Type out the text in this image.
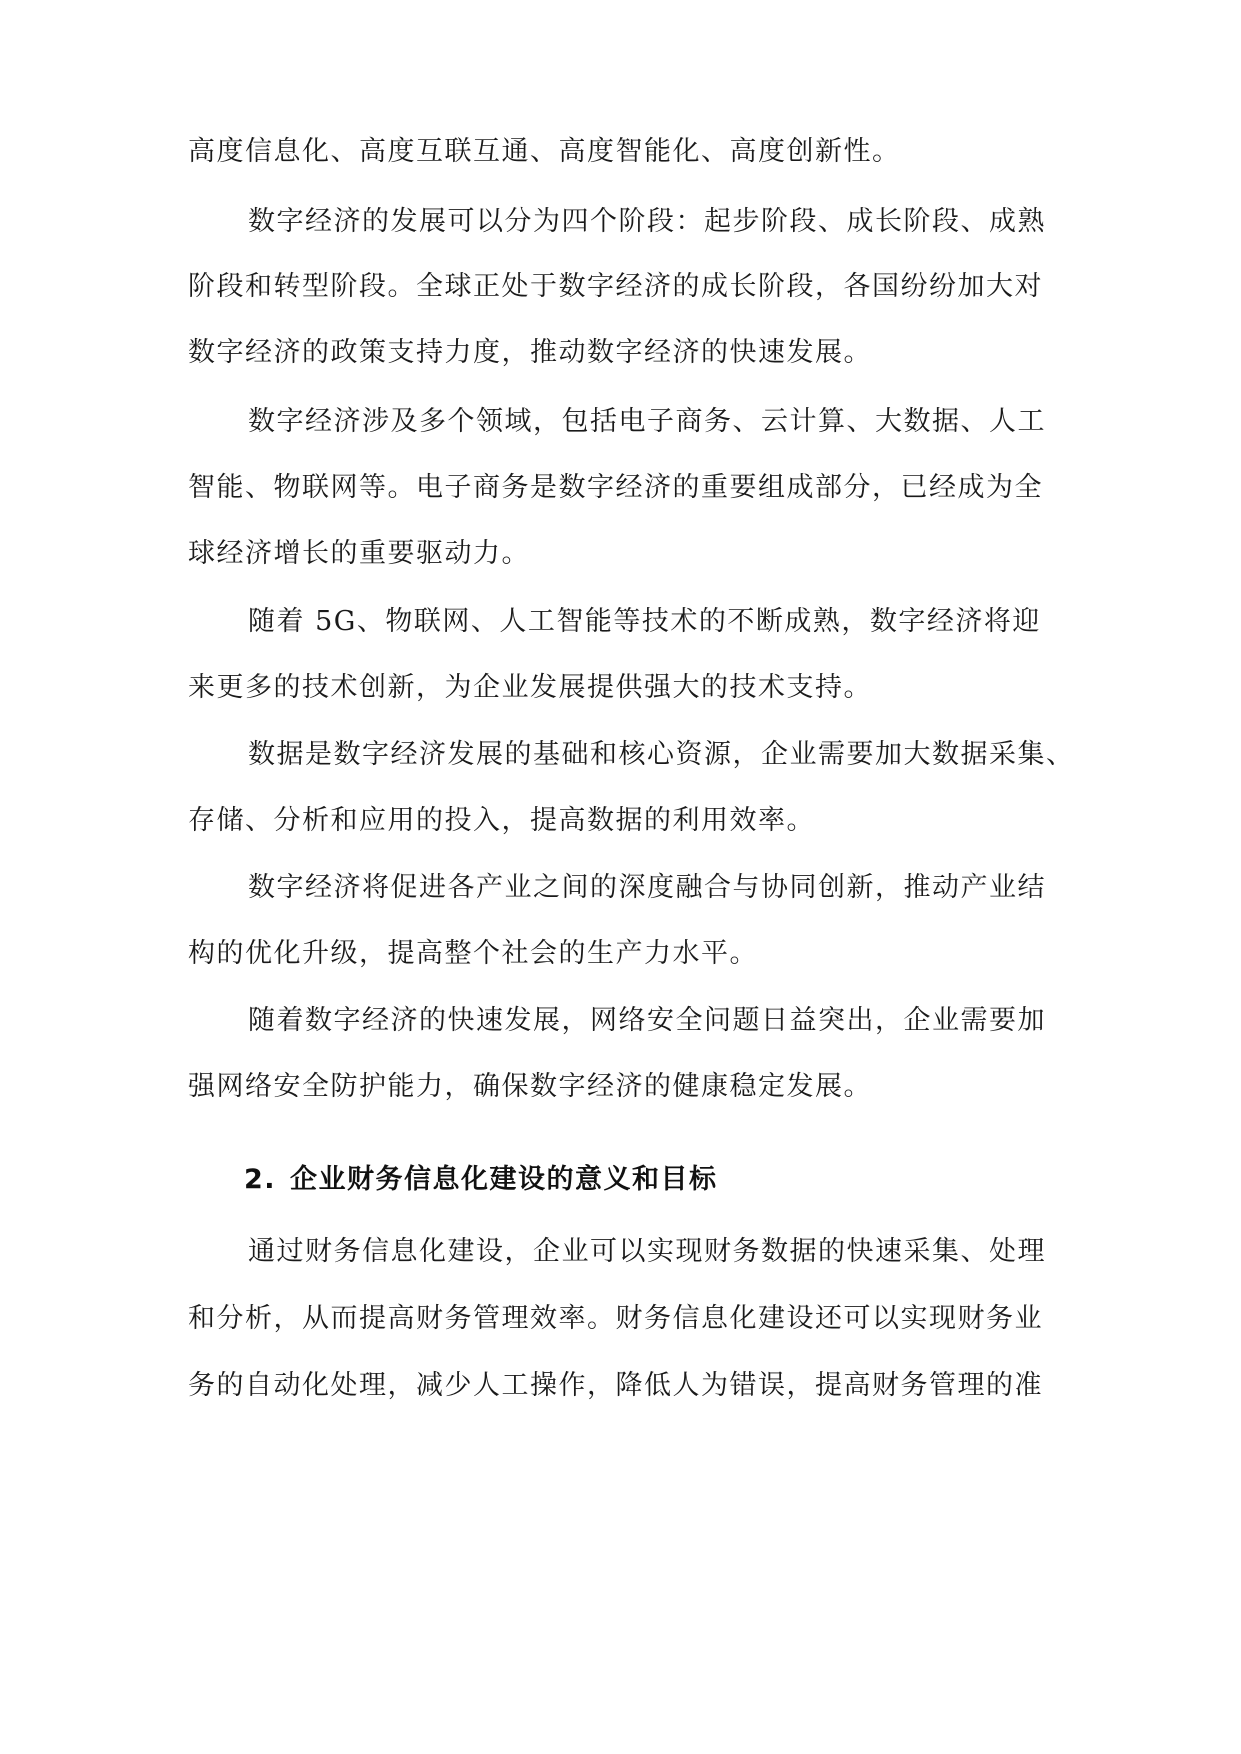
高度信息化、高度互联互通、高度智能化、高度创新性。
数字经济的发展可以分为四个阶段：起步阶段、成长阶段、成熟
阶段和转型阶段。全球正处于数字经济的成长阶段，各国纷纷加大对
数字经济的政策支持力度，推动数字经济的快速发展。
数字经济涉及多个领域，包括电子商务、云计算、大数据、人工
智能、物联网等。电子商务是数字经济的重要组成部分，已经成为全
球经济增长的重要驱动力。
随着 5G、物联网、人工智能等技术的不断成熟，数字经济将迎
来更多的技术创新，为企业发展提供强大的技术支持。
数据是数字经济发展的基础和核心资源，企业需要加大数据采集、
存储、分析和应用的投入，提高数据的利用效率。
数字经济将促进各产业之间的深度融合与协同创新，推动产业结
构的优化升级，提高整个社会的生产力水平。
随着数字经济的快速发展，网络安全问题日益突出，企业需要加
强网络安全防护能力，确保数字经济的健康稳定发展。
2. 企业财务信息化建设的意义和目标
通过财务信息化建设，企业可以实现财务数据的快速采集、处理
和分析，从而提高财务管理效率。财务信息化建设还可以实现财务业
务的自动化处理，减少人工操作，降低人为错误，提高财务管理的准
